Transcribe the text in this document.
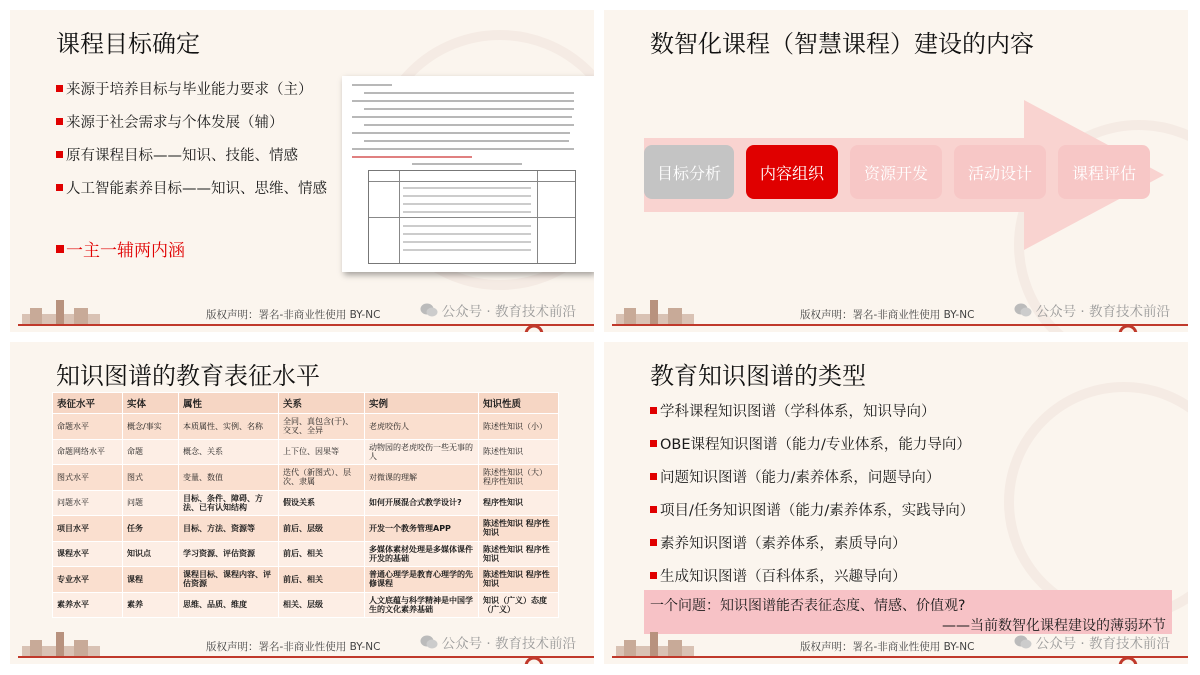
课程目标确定
来源于培养目标与毕业能力要求（主）
来源于社会需求与个体发展（辅）
原有课程目标——知识、技能、情感
人工智能素养目标——知识、思维、情感
一主一辅两内涵
版权声明：署名-非商业性使用 BY-NC	公众号 · 教育技术前沿
数智化课程（智慧课程）建设的内容
目标分析	内容组织	资源开发	活动设计	课程评估
版权声明：署名-非商业性使用 BY-NC	公众号 · 教育技术前沿
知识图谱的教育表征水平
表征水平	实体	属性	关系	实例	知识性质
命题水平	概念/事实	本质属性、实例、名称	全同、真包含(于)、交叉、全异	老虎咬伤人	陈述性知识（小）
命题网络水平	命题	概念、关系	上下位、因果等	动物园的老虎咬伤一些无事的人	陈述性知识
图式水平	图式	变量、数值	迭代（新图式）、层次、隶属	对微课的理解	陈述性知识（大）程序性知识
问题水平	问题	目标、条件、障碍、方法、已有认知结构	假设关系	如何开展混合式教学设计?	程序性知识
项目水平	任务	目标、方法、资源等	前后、层级	开发一个教务管理APP	陈述性知识 程序性知识
课程水平	知识点	学习资源、评估资源	前后、相关	多媒体素材处理是多媒体课件开发的基础	陈述性知识 程序性知识
专业水平	课程	课程目标、课程内容、评估资源	前后、相关	普通心理学是教育心理学的先修课程	陈述性知识 程序性知识
素养水平	素养	思维、品质、维度	相关、层级	人文底蕴与科学精神是中国学生的文化素养基础	知识（广义）态度（广义）
版权声明：署名-非商业性使用 BY-NC	公众号 · 教育技术前沿
教育知识图谱的类型
学科课程知识图谱（学科体系，知识导向）
OBE课程知识图谱（能力/专业体系，能力导向）
问题知识图谱（能力/素养体系，问题导向）
项目/任务知识图谱（能力/素养体系，实践导向）
素养知识图谱（素养体系，素质导向）
生成知识图谱（百科体系，兴趣导向）
一个问题：知识图谱能否表征态度、情感、价值观?
——当前数智化课程建设的薄弱环节
版权声明：署名-非商业性使用 BY-NC	公众号 · 教育技术前沿
